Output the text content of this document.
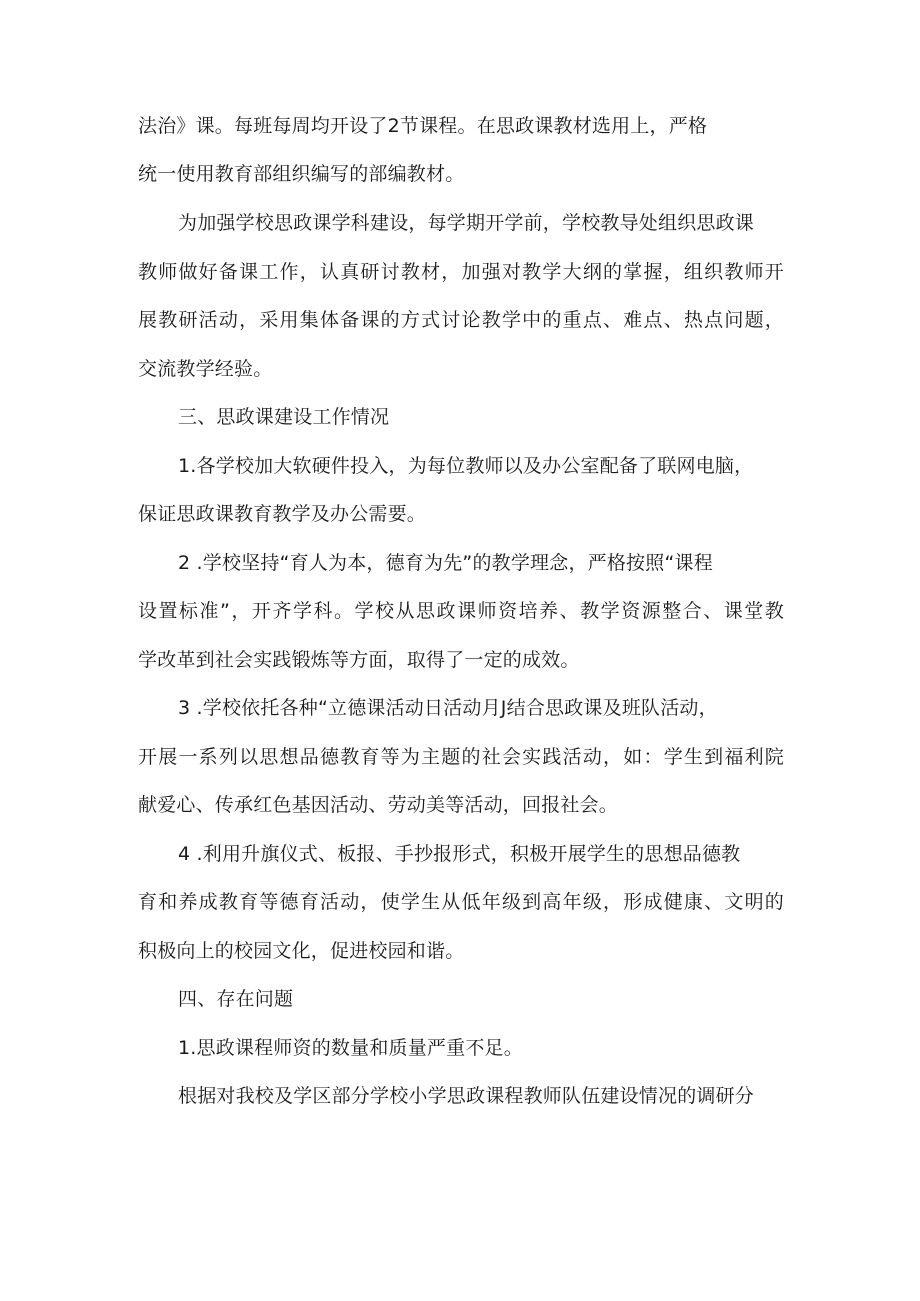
法治》课。每班每周均开设了2节课程。在思政课教材选用上，严格

统一使用教育部组织编写的部编教材。

为加强学校思政课学科建设，每学期开学前，学校教导处组织思政课

教师做好备课工作，认真研讨教材，加强对教学大纲的掌握，组织教师开

展教研活动，采用集体备课的方式讨论教学中的重点、难点、热点问题，

交流教学经验。

三、思政课建设工作情况

1.各学校加大软硬件投入，为每位教师以及办公室配备了联网电脑，

保证思政课教育教学及办公需要。

2 .学校坚持“育人为本，德育为先”的教学理念，严格按照“课程

设置标准”，开齐学科。学校从思政课师资培养、教学资源整合、课堂教

学改革到社会实践锻炼等方面，取得了一定的成效。

3 .学校依托各种“立德课活动日活动月J结合思政课及班队活动，

开展一系列以思想品德教育等为主题的社会实践活动，如：学生到福利院

献爱心、传承红色基因活动、劳动美等活动，回报社会。

4 .利用升旗仪式、板报、手抄报形式，积极开展学生的思想品德教

育和养成教育等德育活动，使学生从低年级到高年级，形成健康、文明的

积极向上的校园文化，促进校园和谐。

四、存在问题

1.思政课程师资的数量和质量严重不足。

根据对我校及学区部分学校小学思政课程教师队伍建设情况的调研分
